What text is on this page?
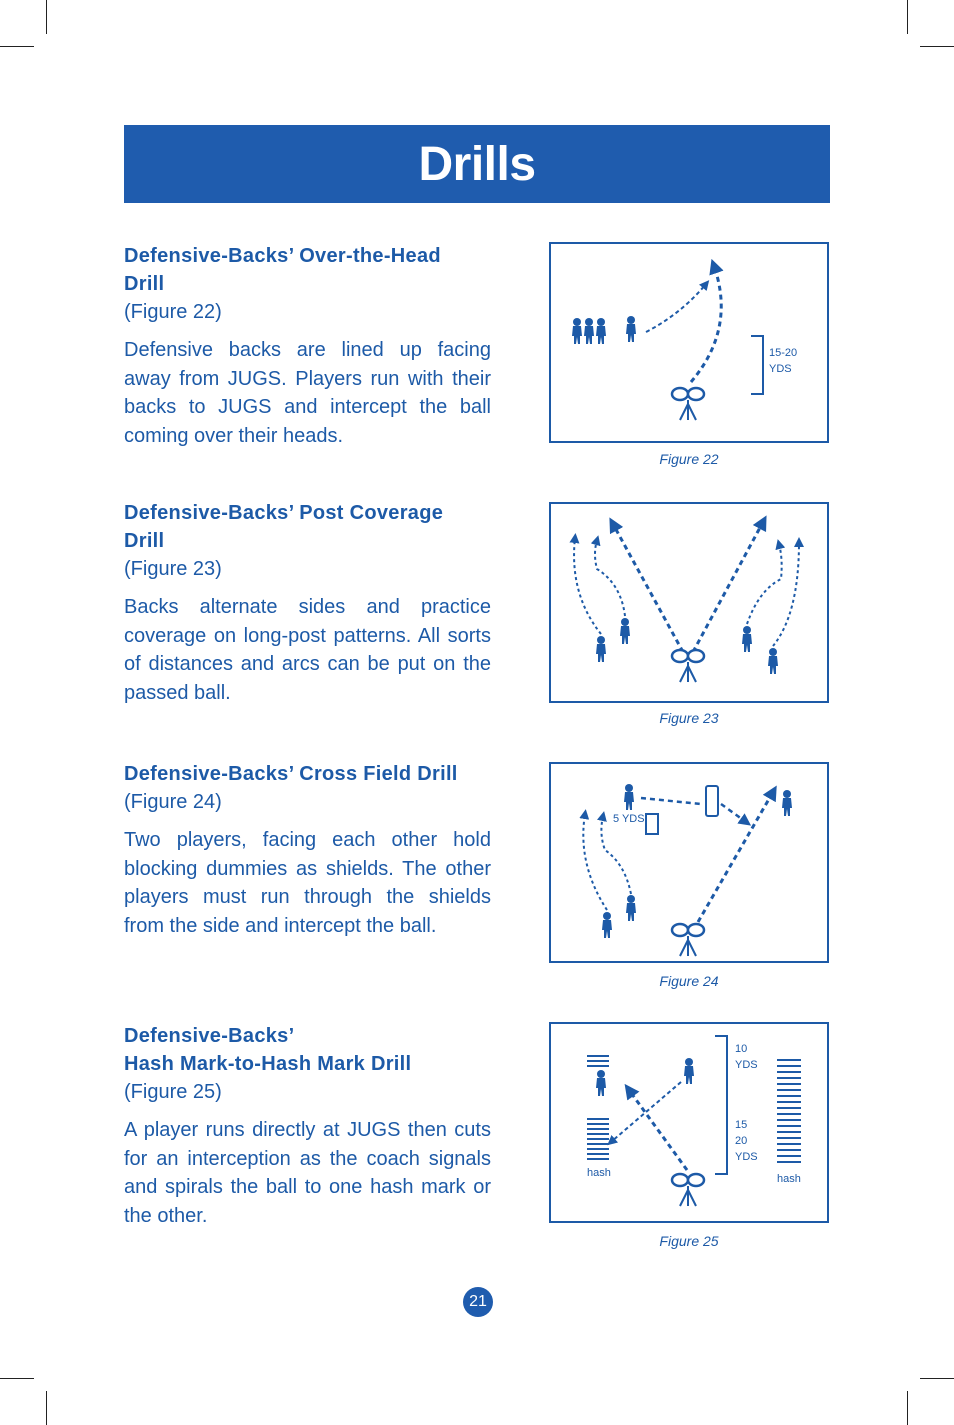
Drills
Defensive-Backs’ Over-the-Head
Drill
(Figure 22)
Defensive backs are lined up facing away from JUGS. Players run with their backs to JUGS and intercept the ball coming over their heads.
Defensive-Backs’ Post Coverage
Drill
(Figure 23)
Backs alternate sides and practice coverage on long-post patterns. All sorts of distances and arcs can be put on the passed ball.
Defensive-Backs’ Cross Field Drill
(Figure 24)
Two players, facing each other hold blocking dummies as shields. The other players must run through the shields from the side and intercept the ball.
Defensive-Backs’
Hash Mark-to-Hash Mark Drill
(Figure 25)
A player runs directly at JUGS then cuts for an interception as the coach signals and spirals the ball to one hash mark or the other.
15-20
YDS
Figure 22
Figure 23
5 YDS
Figure 24
hash	hash
10
YDS
15
20
YDS
Figure 25
21
